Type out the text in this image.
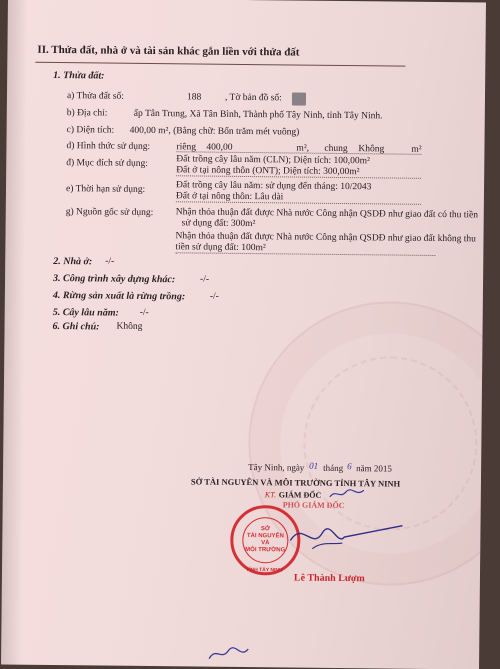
II. Thửa đất, nhà ở và tài sản khác gắn liền với thửa đất
1. Thửa đất:
a) Thửa đất số:	188 , Tờ bản đồ số:
b) Địa chỉ:	ấp Tân Trung, Xã Tân Bình, Thành phố Tây Ninh, tỉnh Tây Ninh.
c) Diện tích: 400,00 m², (Bằng chữ: Bốn trăm mét vuông)
d) Hình thức sử dụng:	riêng 400,00	m², chung Không	m²
đ) Mục đích sử dụng:	Đất trồng cây lâu năm (CLN); Diện tích: 100,00m²
Đất ở tại nông thôn (ONT); Diện tích: 300,00m²
e) Thời hạn sử dụng:	Đất trồng cây lâu năm: sử dụng đến tháng: 10/2043
Đất ở tại nông thôn: Lâu dài
g) Nguồn gốc sử dụng: Nhận thỏa thuận đất được Nhà nước Công nhận QSDĐ như giao đất có thu tiền
sử dụng đất: 300m²
Nhận thỏa thuận đất được Nhà nước Công nhận QSDĐ như giao đất không thu
tiền sử dụng đất: 100m²
2. Nhà ở: -/-
3. Công trình xây dựng khác:	-/-
4. Rừng sản xuất là rừng trồng:	-/-
5. Cây lâu năm: -/-
6. Ghi chú: Không
Tây Ninh, ngày 01 tháng 6 năm 2015
SỞ TÀI NGUYÊN VÀ MÔI TRƯỜNG TỈNH TÂY NINH
KT. GIÁM ĐỐC
PHÓ GIÁM ĐỐC
SỞ
TÀI NGUYÊN
VÀ
MÔI TRƯỜNG
TỈNH TÂY NINH
Lê Thành Lượm
